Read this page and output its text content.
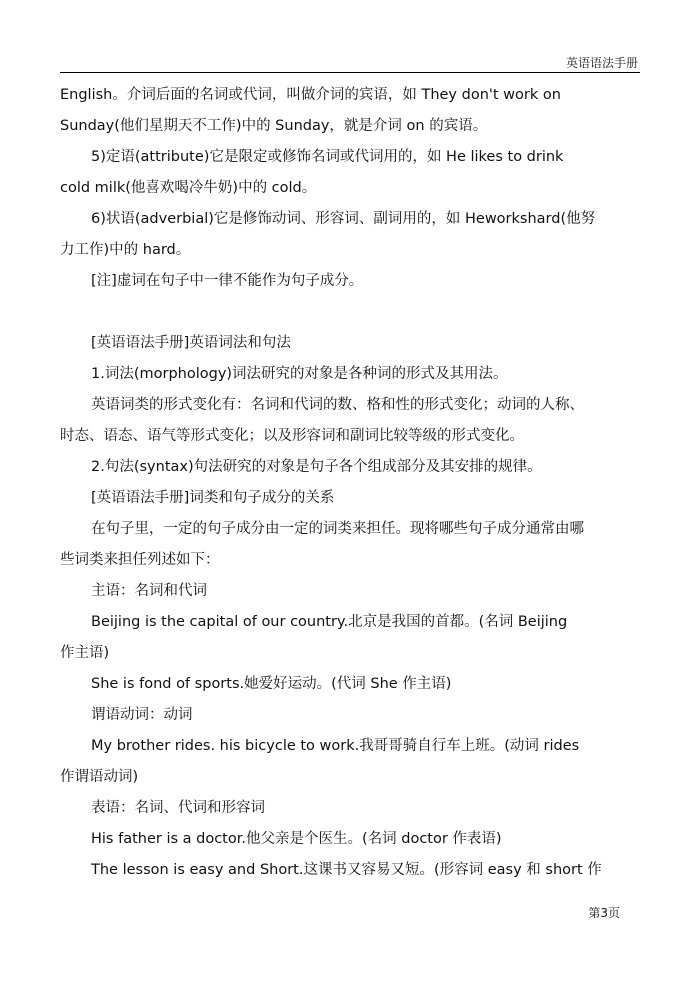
英语语法手册

English。介词后面的名词或代词，叫做介词的宾语，如 They don't work on

Sunday(他们星期天不工作)中的 Sunday，就是介词 on 的宾语。

5)定语(attribute)它是限定或修饰名词或代词用的，如 He likes to drink

cold milk(他喜欢喝冷牛奶)中的 cold。

6)状语(adverbial)它是修饰动词、形容词、副词用的，如 Heworkshard(他努

力工作)中的 hard。

[注]虚词在句子中一律不能作为句子成分。

[英语语法手册]英语词法和句法

1.词法(morphology)词法研究的对象是各种词的形式及其用法。

英语词类的形式变化有：名词和代词的数、格和性的形式变化；动词的人称、

时态、语态、语气等形式变化；以及形容词和副词比较等级的形式变化。

2.句法(syntax)句法研究的对象是句子各个组成部分及其安排的规律。

[英语语法手册]词类和句子成分的关系

在句子里，一定的句子成分由一定的词类来担任。现将哪些句子成分通常由哪

些词类来担任列述如下：

主语：名词和代词

Beijing is the capital of our country.北京是我国的首都。(名词 Beijing

作主语)

She is fond of sports.她爱好运动。(代词 She 作主语)

谓语动词：动词

My brother rides. his bicycle to work.我哥哥骑自行车上班。(动词 rides

作谓语动词)

表语：名词、代词和形容词

His father is a doctor.他父亲是个医生。(名词 doctor 作表语)

The lesson is easy and Short.这课书又容易又短。(形容词 easy 和 short 作

第3页
